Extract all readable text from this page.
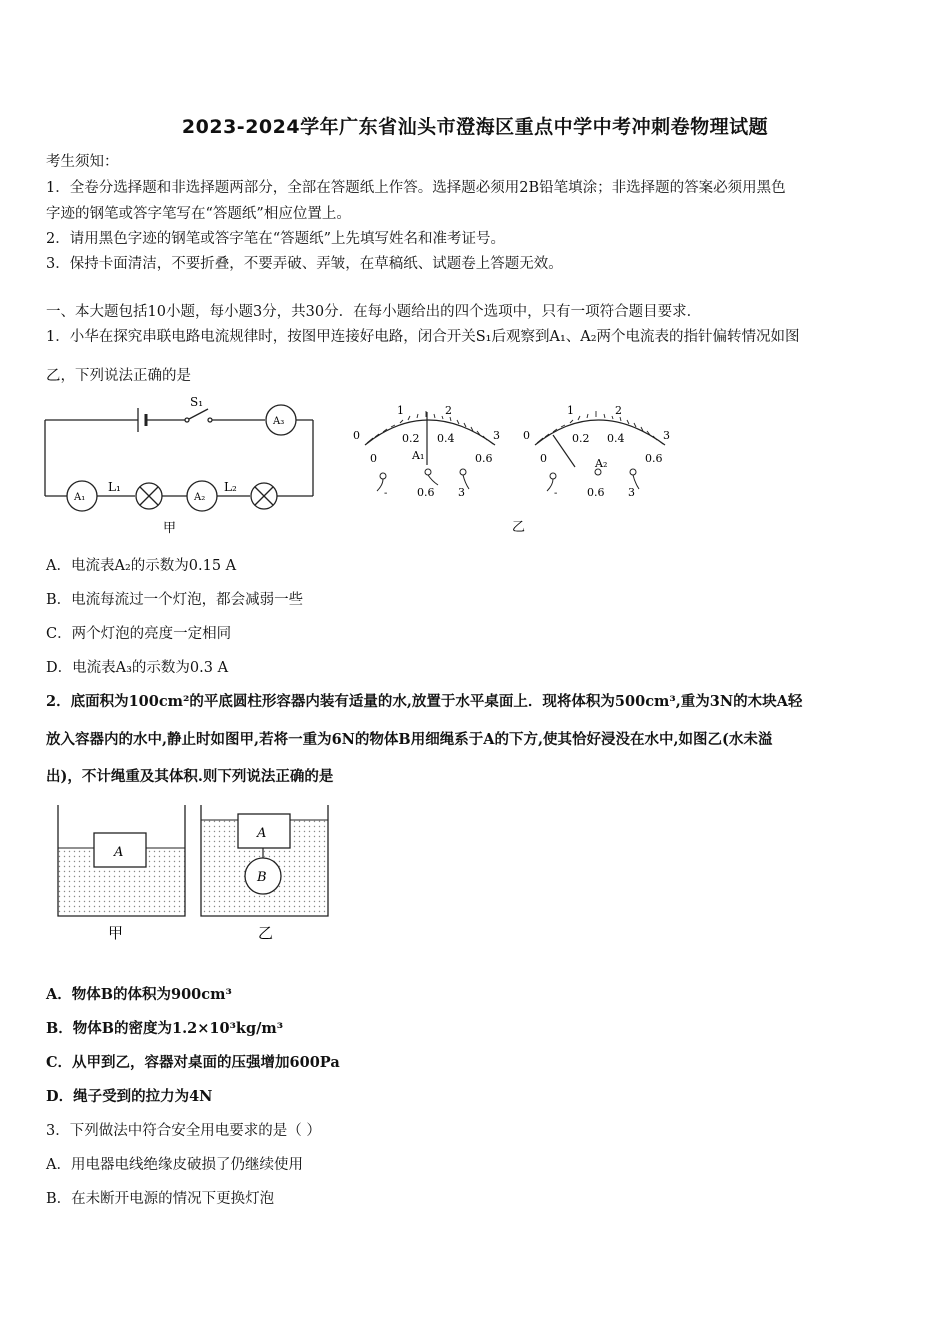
2023-2024学年广东省汕头市澄海区重点中学中考冲刺卷物理试题
考生须知：
1．全卷分选择题和非选择题两部分，全部在答题纸上作答。选择题必须用2B铅笔填涂；非选择题的答案必须用黑色
字迹的钢笔或答字笔写在“答题纸”相应位置上。
2．请用黑色字迹的钢笔或答字笔在“答题纸”上先填写姓名和准考证号。
3．保持卡面清洁，不要折叠，不要弄破、弄皱，在草稿纸、试题卷上答题无效。
一、本大题包括10小题，每小题3分，共30分．在每小题给出的四个选项中，只有一项符合题目要求．
1．小华在探究串联电路电流规律时，按图甲连接好电路，闭合开关S₁后观察到A₁、A₂两个电流表的指针偏转情况如图
乙，下列说法正确的是
S₁
A₃
A₁	A₂
L₁	L₂
甲
0
1	2
3
0
0.2 0.4
0.6
A₁
-	0.6 3
0
1	2
3
0
0.2 0.4
0.6
A₂
-	0.6 3
乙
A．电流表A₂的示数为0.15 A
B．电流每流过一个灯泡，都会减弱一些
C．两个灯泡的亮度一定相同
D．电流表A₃的示数为0.3 A
2．底面积为100cm²的平底圆柱形容器内装有适量的水,放置于水平桌面上．现将体积为500cm³,重为3N的木块A轻
放入容器内的水中,静止时如图甲,若将一重为6N的物体B用细绳系于A的下方,使其恰好浸没在水中,如图乙(水未溢
出)，不计绳重及其体积.则下列说法正确的是
A
A
B
甲	乙
A．物体B的体积为900cm³
B．物体B的密度为1.2×10³kg/m³
C．从甲到乙，容器对桌面的压强增加600Pa
D．绳子受到的拉力为4N
3．下列做法中符合安全用电要求的是（ ）
A．用电器电线绝缘皮破损了仍继续使用
B．在未断开电源的情况下更换灯泡
